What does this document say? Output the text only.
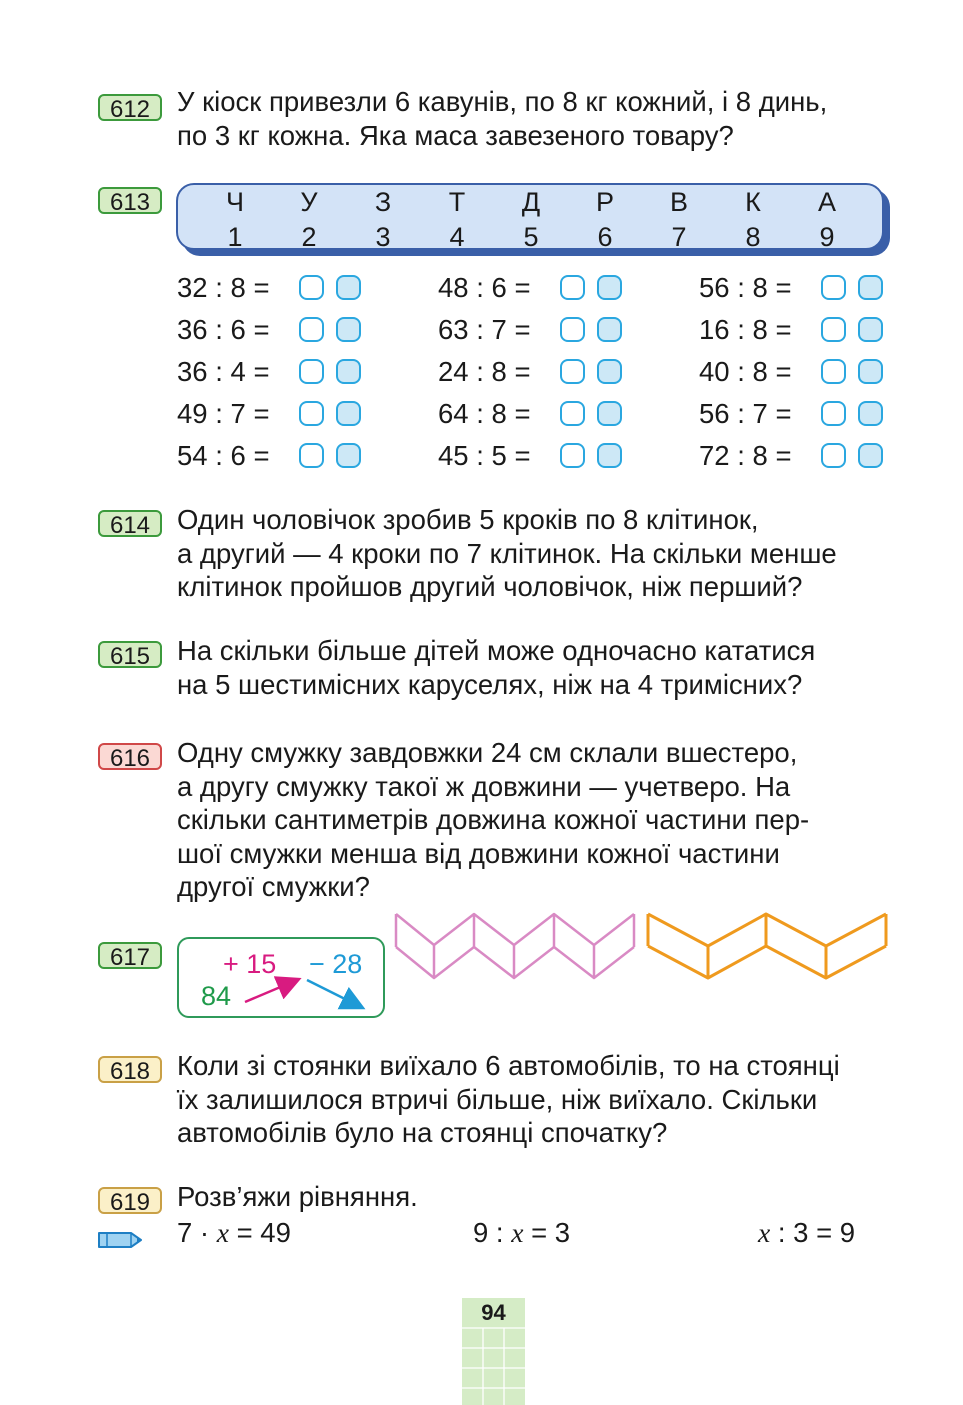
612 У кіоск привезли 6 кавунів, по 8 кг кожний, і 8 динь,
по 3 кг кожна. Яка маса завезеного товару?
613	Ч	У	З	Т	Д	Р	В	К	А
1	2	3	4	5	6	7	8	9
32 : 8 =
36 : 6 =
36 : 4 =
49 : 7 =
54 : 6 =
48 : 6 =
63 : 7 =
24 : 8 =
64 : 8 =
45 : 5 =
56 : 8 =
16 : 8 =
40 : 8 =
56 : 7 =
72 : 8 =
614 Один чоловічок зробив 5 кроків по 8 клітинок,
а другий — 4 кроки по 7 клітинок. На скільки менше
клітинок пройшов другий чоловічок, ніж перший?
615 На скільки більше дітей може одночасно кататися
на 5 шестимісних каруселях, ніж на 4 тримісних?
616 Одну смужку завдовжки 24 см склали вшестеро,
а другу смужку такої ж довжини — учетверо. На
скільки сантиметрів довжина кожної частини пер-
шої смужки менша від довжини кожної частини
другої смужки?
617	+ 15 − 28
84
618 Коли зі стоянки виїхало 6 автомобілів, то на стоянці
їх залишилося втричі більше, ніж виїхало. Скільки
автомобілів було на стоянці спочатку?
619 Розв’яжи рівняння.
7 · x = 49	9 : x = 3	x : 3 = 9
94
